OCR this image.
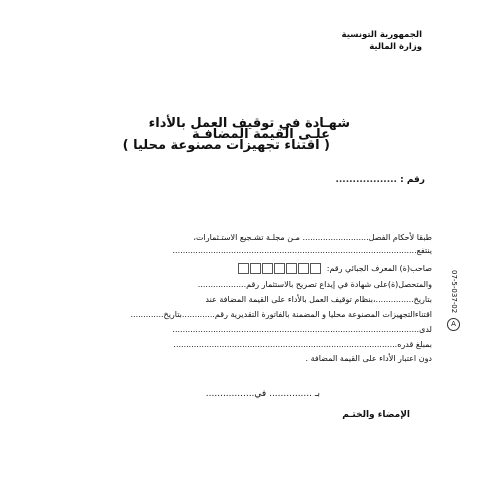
الجمهورية التونسية
وزارة المالية
شهـادة في توقيف العمل بالأداء
علـى القيمة المضافـة
( اقتناء تجهيزات مصنوعة محليا )
رقم : ..................
طبقا لأحكام الفصل.......................... مـن مجلـة تشـجيع الاستـثمارات،
ينتفع................................................................................................
صاحب(ة) المعرف الجبائي رقم:
والمتحصل(ة)على شهادة في إيداع تصريح بالاستثمار رقم...................
بتاريخ...............،بنظام توقيف العمل بالأداء على القيمة المضافة عند
اقتناءالتجهيزات المصنوعة محليا و المضمنة بالفاتورة التقديرية رقم.............بتاريخ.............
لدى.................................................................................................
بمبلغ قدره........................................................................................
دون اعتبار الأداء على القيمة المضافة .
بـ ............... في.................
الإمضاء والختـم
07-5-037-02
A
